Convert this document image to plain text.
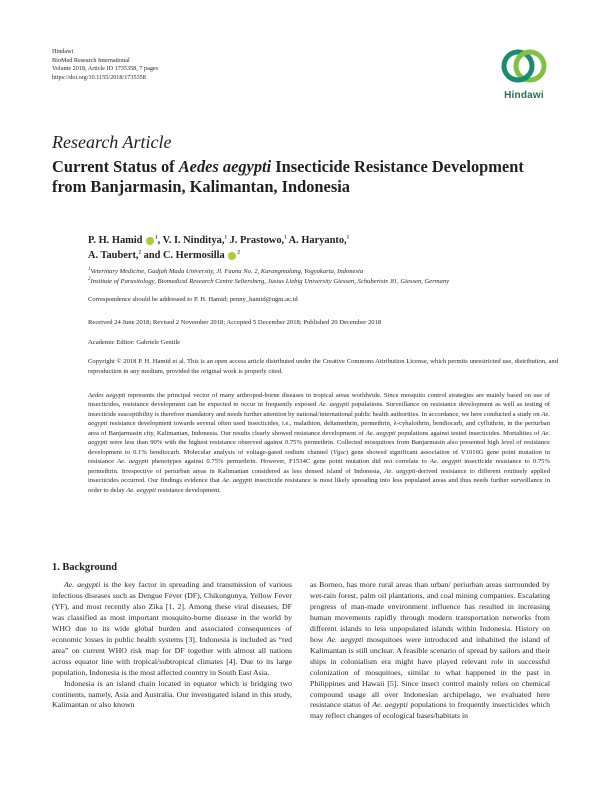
Hindawi
BioMed Research International
Volume 2018, Article ID 1735358, 7 pages
https://doi.org/10.1155/2018/1735358
Hindawi
Research Article
Current Status of Aedes aegypti Insecticide Resistance Development from Banjarmasin, Kalimantan, Indonesia
P. H. Hamid	$^1$, V. I. Ninditya,$^1$ J. Prastowo,$^1$ A. Haryanto,$^1$
A. Taubert,$^2$ and C. Hermosilla	$^2$
$^1$Veterinary Medicine, Gadjah Mada University, Jl. Fauna No. 2, Karangmalang, Yogyakarta, Indonesia
$^2$Institute of Parasitology, Biomedical Research Centre Seltersberg, Justus Liebig University Giessen, Schubertstr. 81, Giessen, Germany
Correspondence should be addressed to P. H. Hamid; penny_hamid@ugm.ac.id
Received 24 June 2018; Revised 2 November 2018; Accepted 5 December 2018; Published 20 December 2018
Academic Editor: Gabriele Gentile
Copyright © 2018 P. H. Hamid et al. This is an open access article distributed under the Creative Commons Attribution License, which permits unrestricted use, distribution, and reproduction in any medium, provided the original work is properly cited.
Aedes aegypti represents the principal vector of many arthropod-borne diseases in tropical areas worldwide. Since mosquito control strategies are mainly based on use of insecticides, resistance development can be expected to occur in frequently exposed Ae. aegypti populations. Surveillance on resistance development as well as testing of insecticide susceptibility is therefore mandatory and needs further attention by national/international public health authorities. In accordance, we here conducted a study on Ae. aegypti resistance development towards several often used insecticides, i.e., malathion, deltamethrin, permethrin, λ-cyhalothrin, bendiocarb, and cyfluthrin, in the periurban area of Banjarmasin city, Kalimantan, Indonesia. Our results clearly showed resistance development of Ae. aegypti populations against tested insecticides. Mortalities of Ae. aegypti were less than 90% with the highest resistance observed against 0.75% permethrin. Collected mosquitoes from Banjarmasin also presented high level of resistance development to 0.1% bendiocarb. Molecular analysis of voltage-gated sodium channel (Vgsc) gene showed significant association of V1016G gene point mutation in resistance Ae. aegypti phenotypes against 0.75% permethrin. However, F1534C gene point mutation did not correlate to Ae. aegypti insecticide resistance to 0.75% permethrin. Irrespective of periurban areas in Kalimantan considered as less densed island of Indonesia, Ae. aegypti-derived resistance to different routinely applied insecticides occurred. Our findings evidence that Ae. aegypti insecticide resistance is most likely spreading into less populated areas and thus needs further surveillance in order to delay Ae. aegypti resistance development.
1. Background

Ae. aegypti is the key factor in spreading and transmission of various infectious diseases such as Dengue Fever (DF), Chikungunya, Yellow Fever (YF), and most recently also Zika [1, 2]. Among these viral diseases, DF was classified as most important mosquito-borne disease in the world by WHO due to its wide global burden and associated consequences of economic losses in public health systems [3]. Indonesia is included as “red area” on current WHO risk map for DF together with almost all nations across equator line with tropical/subtropical climates [4]. Due to its large population, Indonesia is the most affected country in South East Asia.

Indonesia is an island chain located in equator which is bridging two continents, namely, Asia and Australia. Our investigated island in this study, Kalimantan or also known

as Borneo, has more rural areas than urban/ periurban areas surrounded by wet-rain forest, palm oil plantations, and coal mining companies. Escalating progress of man-made environment influence has resulted in increasing human movements rapidly through modern transportation networks from different islands to less unpopulated islands within Indonesia. History on how Ae. aegypti mosquitoes were introduced and inhabited the island of Kalimantan is still unclear. A feasible scenario of spread by sailors and their ships in colonialism era might have played relevant role in successful colonization of mosquitoes, similar to what happened in the past in Philippines and Hawaii [5]. Since insect control mainly relies on chemical compound usage all over Indonesian archipelago, we evaluated here resistance status of Ae. aegypti populations to frequently insecticides which may reflect changes of ecological bases/habitats in
